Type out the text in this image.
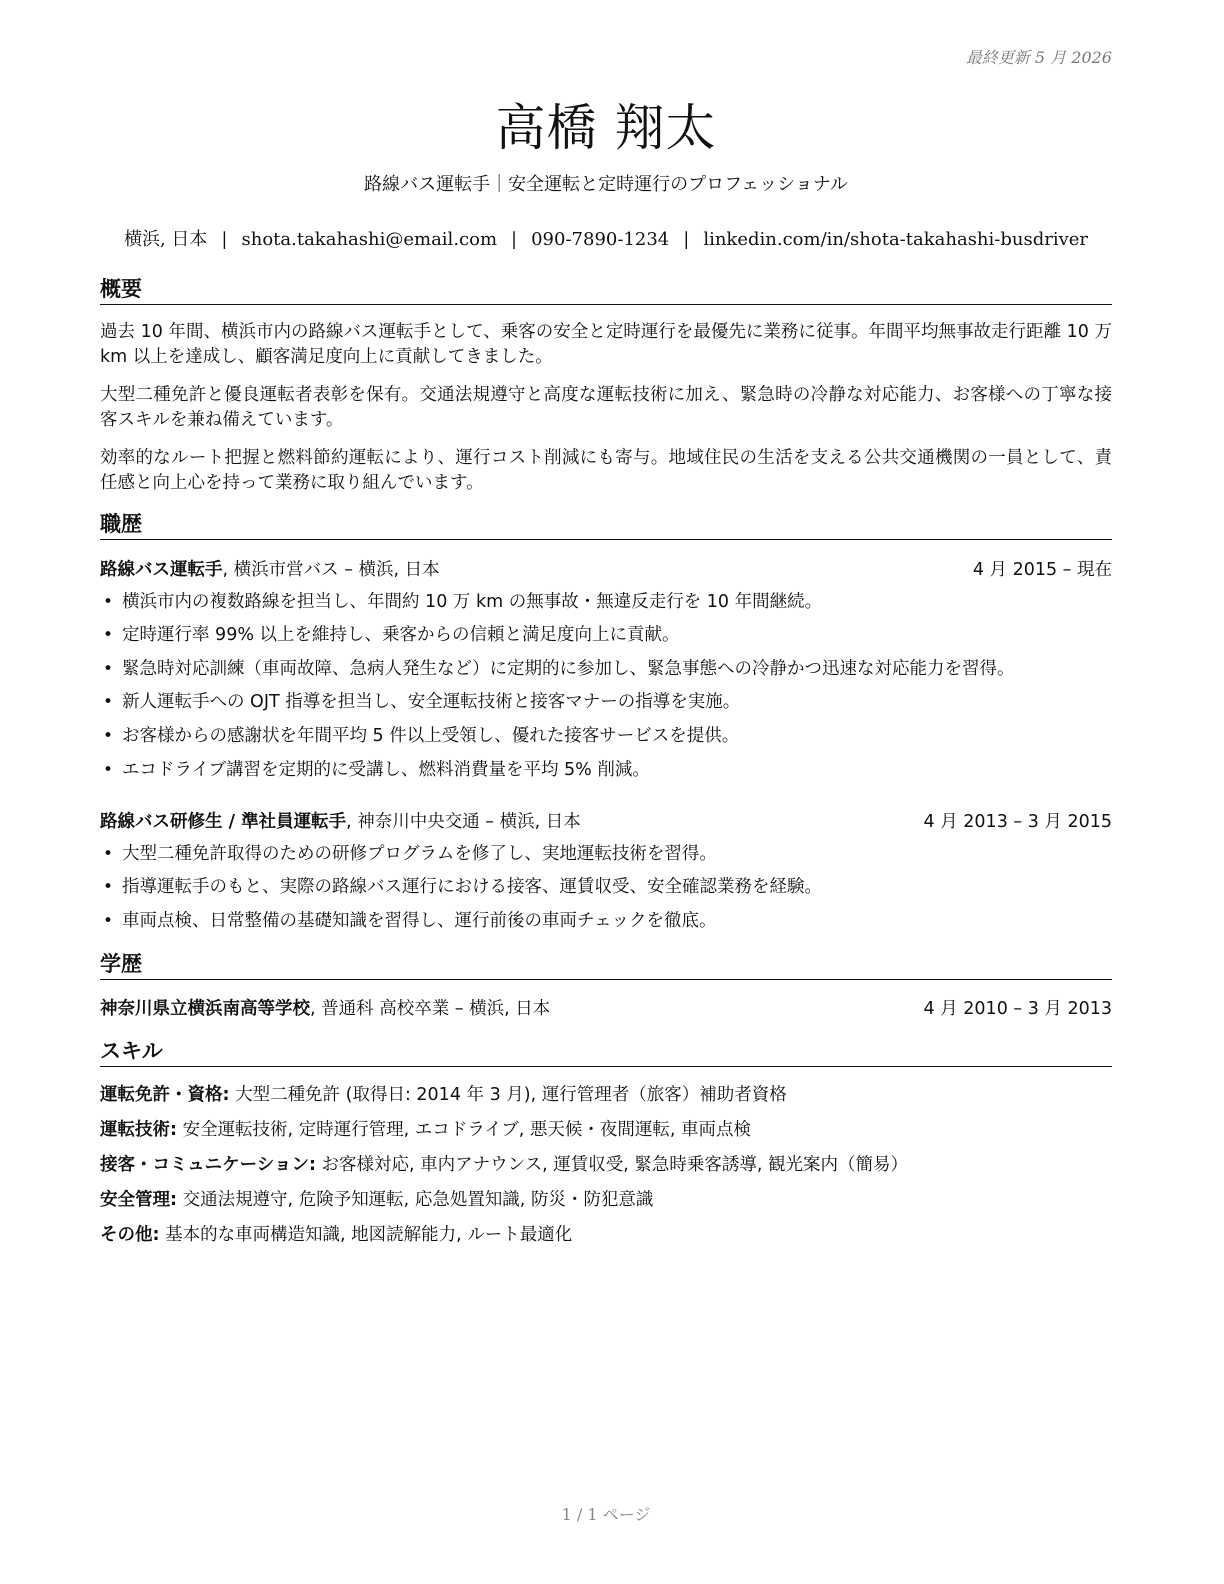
最終更新 5 月 2026
高橋 翔太
路線バス運転手｜安全運転と定時運行のプロフェッショナル
横浜, 日本 | shota.takahashi@email.com | 090-7890-1234 | linkedin.com/in/shota-takahashi-busdriver
概要
過去 10 年間、横浜市内の路線バス運転手として、乗客の安全と定時運行を最優先に業務に従事。年間平均無事故走行距離 10 万 km 以上を達成し、顧客満足度向上に貢献してきました。
大型二種免許と優良運転者表彰を保有。交通法規遵守と高度な運転技術に加え、緊急時の冷静な対応能力、お客様への丁寧な接客スキルを兼ね備えています。
効率的なルート把握と燃料節約運転により、運行コスト削減にも寄与。地域住民の生活を支える公共交通機関の一員として、責任感と向上心を持って業務に取り組んでいます。
職歴
路線バス運転手, 横浜市営バス – 横浜, 日本	4 月 2015 – 現在
• 横浜市内の複数路線を担当し、年間約 10 万 km の無事故・無違反走行を 10 年間継続。
• 定時運行率 99% 以上を維持し、乗客からの信頼と満足度向上に貢献。
• 緊急時対応訓練（車両故障、急病人発生など）に定期的に参加し、緊急事態への冷静かつ迅速な対応能力を習得。
• 新人運転手への OJT 指導を担当し、安全運転技術と接客マナーの指導を実施。
• お客様からの感謝状を年間平均 5 件以上受領し、優れた接客サービスを提供。
• エコドライブ講習を定期的に受講し、燃料消費量を平均 5% 削減。
路線バス研修生 / 準社員運転手, 神奈川中央交通 – 横浜, 日本	4 月 2013 – 3 月 2015
• 大型二種免許取得のための研修プログラムを修了し、実地運転技術を習得。
• 指導運転手のもと、実際の路線バス運行における接客、運賃収受、安全確認業務を経験。
• 車両点検、日常整備の基礎知識を習得し、運行前後の車両チェックを徹底。
学歴
神奈川県立横浜南高等学校, 普通科 高校卒業 – 横浜, 日本	4 月 2010 – 3 月 2013
スキル
運転免許・資格: 大型二種免許 (取得日: 2014 年 3 月), 運行管理者（旅客）補助者資格
運転技術: 安全運転技術, 定時運行管理, エコドライブ, 悪天候・夜間運転, 車両点検
接客・コミュニケーション: お客様対応, 車内アナウンス, 運賃収受, 緊急時乗客誘導, 観光案内（簡易）
安全管理: 交通法規遵守, 危険予知運転, 応急処置知識, 防災・防犯意識
その他: 基本的な車両構造知識, 地図読解能力, ルート最適化
1 / 1 ページ
